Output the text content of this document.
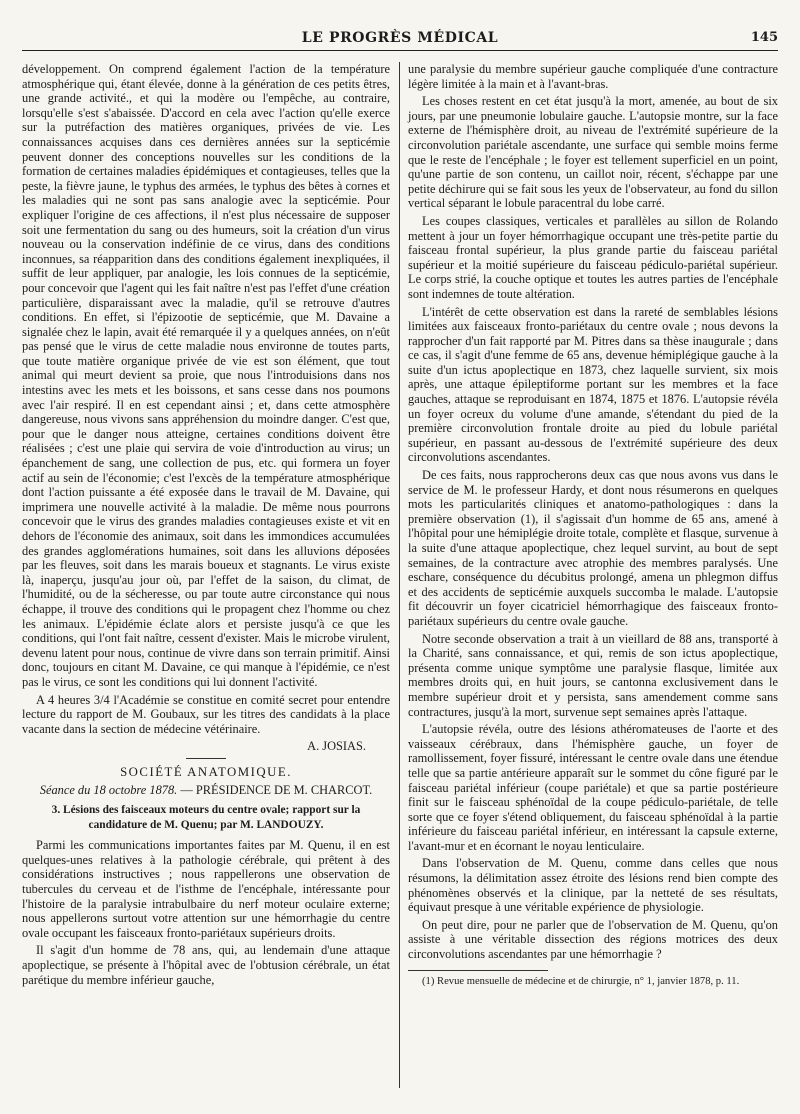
LE PROGRÈS MÉDICAL	145

développement. On comprend également l'action de la température atmosphérique qui, étant élevée, donne à la génération de ces petits êtres, une grande activité., et qui la modère ou l'empêche, au contraire, lorsqu'elle s'est s'abaissée. D'accord en cela avec l'action qu'elle exerce sur la putréfaction des matières organiques, privées de vie. Les connaissances acquises dans ces dernières années sur la septicémie peuvent donner des conceptions nouvelles sur les conditions de la formation de certaines maladies épidémiques et contagieuses, telles que la peste, la fièvre jaune, le typhus des armées, le typhus des bêtes à cornes et les maladies qui ne sont pas sans analogie avec la septicémie. Pour expliquer l'origine de ces affections, il n'est plus nécessaire de supposer soit une fermentation du sang ou des humeurs, soit la création d'un virus nouveau ou la conservation indéfinie de ce virus, dans des conditions inconnues, sa réapparition dans des conditions également inexpliquées, il suffit de leur appliquer, par analogie, les lois connues de la septicémie, pour concevoir que l'agent qui les fait naître n'est pas l'effet d'une création particulière, disparaissant avec la maladie, qu'il se retrouve d'autres conditions. En effet, si l'épizootie de septicémie, que M. Davaine a signalée chez le lapin, avait été remarquée il y a quelques années, on n'eût pas pensé que le virus de cette maladie nous environne de toutes parts, que toute matière organique privée de vie est son élément, que tout animal qui meurt devient sa proie, que nous l'introduisions dans nos intestins avec les mets et les boissons, et sans cesse dans nos poumons avec l'air respiré. Il en est cependant ainsi ; et, dans cette atmosphère dangereuse, nous vivons sans appréhension du moindre danger. C'est que, pour que le danger nous atteigne, certaines conditions doivent être réalisées ; c'est une plaie qui servira de voie d'introduction au virus; un épanchement de sang, une collection de pus, etc. qui formera un foyer actif au sein de l'économie; c'est l'excès de la température atmosphérique dont l'action puissante a été exposée dans le travail de M. Davaine, qui imprimera une nouvelle activité à la maladie. De même nous pourrons concevoir que le virus des grandes maladies contagieuses existe et vit en dehors de l'économie des animaux, soit dans les immondices accumulées des grandes agglomérations humaines, soit dans les alluvions déposées par les fleuves, soit dans les marais boueux et stagnants. Le virus existe là, inaperçu, jusqu'au jour où, par l'effet de la saison, du climat, de l'humidité, ou de la sécheresse, ou par toute autre circonstance qui nous échappe, il trouve des conditions qui le propagent chez l'homme ou chez les animaux. L'épidémie éclate alors et persiste jusqu'à ce que les conditions, qui l'ont fait naître, cessent d'exister. Mais le microbe virulent, devenu latent pour nous, continue de vivre dans son terrain primitif. Ainsi donc, toujours en citant M. Davaine, ce qui manque à l'épidémie, ce n'est pas le virus, ce sont les conditions qui lui donnent l'activité.

A 4 heures 3/4 l'Académie se constitue en comité secret pour entendre lecture du rapport de M. Goubaux, sur les titres des candidats à la place vacante dans la section de médecine vétérinaire.

A. JOSIAS.
SOCIÉTÉ ANATOMIQUE.
Séance du 18 octobre 1878. — PRÉSIDENCE DE M. CHARCOT.

3. Lésions des faisceaux moteurs du centre ovale; rapport sur la candidature de M. Quenu; par M. LANDOUZY.

Parmi les communications importantes faites par M. Quenu, il en est quelques-unes relatives à la pathologie cérébrale, qui prêtent à des considérations instructives ; nous rappellerons une observation de tubercules du cerveau et de l'isthme de l'encéphale, intéressante pour l'histoire de la paralysie intrabulbaire du nerf moteur oculaire externe; nous appellerons surtout votre attention sur une hémorrhagie du centre ovale occupant les faisceaux fronto-pariétaux supérieurs droits.

Il s'agit d'un homme de 78 ans, qui, au lendemain d'une attaque apoplectique, se présente à l'hôpital avec de l'obtusion cérébrale, un état parétique du membre inférieur gauche,

une paralysie du membre supérieur gauche compliquée d'une contracture légère limitée à la main et à l'avant-bras.

Les choses restent en cet état jusqu'à la mort, amenée, au bout de six jours, par une pneumonie lobulaire gauche. L'autopsie montre, sur la face externe de l'hémisphère droit, au niveau de l'extrémité supérieure de la circonvolution pariétale ascendante, une surface qui semble moins ferme que le reste de l'encéphale ; le foyer est tellement superficiel en un point, qu'une partie de son contenu, un caillot noir, récent, s'échappe par une petite déchirure qui se fait sous les yeux de l'observateur, au fond du sillon vertical séparant le lobule paracentral du lobe carré.

Les coupes classiques, verticales et parallèles au sillon de Rolando mettent à jour un foyer hémorrhagique occupant une très-petite partie du faisceau frontal supérieur, la plus grande partie du faisceau pariétal supérieur et la moitié supérieure du faisceau pédiculo-pariétal supérieur. Le corps strié, la couche optique et toutes les autres parties de l'encéphale sont indemnes de toute altération.

L'intérêt de cette observation est dans la rareté de semblables lésions limitées aux faisceaux fronto-pariétaux du centre ovale ; nous devons la rapprocher d'un fait rapporté par M. Pitres dans sa thèse inaugurale ; dans ce cas, il s'agit d'une femme de 65 ans, devenue hémiplégique gauche à la suite d'un ictus apoplectique en 1873, chez laquelle survient, six mois après, une attaque épileptiforme portant sur les membres et la face gauches, attaque se reproduisant en 1874, 1875 et 1876. L'autopsie révéla un foyer ocreux du volume d'une amande, s'étendant du pied de la première circonvolution frontale droite au pied du lobule pariétal supérieur, en passant au-dessous de l'extrémité supérieure des deux circonvolutions ascendantes.

De ces faits, nous rapprocherons deux cas que nous avons vus dans le service de M. le professeur Hardy, et dont nous résumerons en quelques mots les particularités cliniques et anatomo-pathologiques : dans la première observation (1), il s'agissait d'un homme de 65 ans, amené à l'hôpital pour une hémiplégie droite totale, complète et flasque, survenue à la suite d'une attaque apoplectique, chez lequel survint, au bout de sept semaines, de la contracture avec atrophie des membres paralysés. Une eschare, conséquence du décubitus prolongé, amena un phlegmon diffus et des accidents de septicémie auxquels succomba le malade. L'autopsie fit découvrir un foyer cicatriciel hémorrhagique des faisceaux fronto-pariétaux supérieurs du centre ovale gauche.

Notre seconde observation a trait à un vieillard de 88 ans, transporté à la Charité, sans connaissance, et qui, remis de son ictus apoplectique, présenta comme unique symptôme une paralysie flasque, limitée aux membres droits qui, en huit jours, se cantonna exclusivement dans le membre supérieur droit et y persista, sans amendement comme sans contractures, jusqu'à la mort, survenue sept semaines après l'attaque.

L'autopsie révéla, outre des lésions athéromateuses de l'aorte et des vaisseaux cérébraux, dans l'hémisphère gauche, un foyer de ramollissement, foyer fissuré, intéressant le centre ovale dans une étendue telle que sa partie antérieure apparaît sur le sommet du cône figuré par le faisceau pariétal inférieur (coupe pariétale) et que sa partie postérieure finit sur le faisceau sphénoïdal de la coupe pédiculo-pariétale, de telle sorte que ce foyer s'étend obliquement, du faisceau sphénoïdal à la partie inférieure du faisceau pariétal inférieur, en intéressant la capsule externe, l'avant-mur et en écornant le noyau lenticulaire.

Dans l'observation de M. Quenu, comme dans celles que nous résumons, la délimitation assez étroite des lésions rend bien compte des phénomènes observés et la clinique, par la netteté de ses résultats, équivaut presque à une véritable expérience de physiologie.

On peut dire, pour ne parler que de l'observation de M. Quenu, qu'on assiste à une véritable dissection des régions motrices des deux circonvolutions ascendantes par une hémorrhagie ?

(1) Revue mensuelle de médecine et de chirurgie, n° 1, janvier 1878, p. 11.
